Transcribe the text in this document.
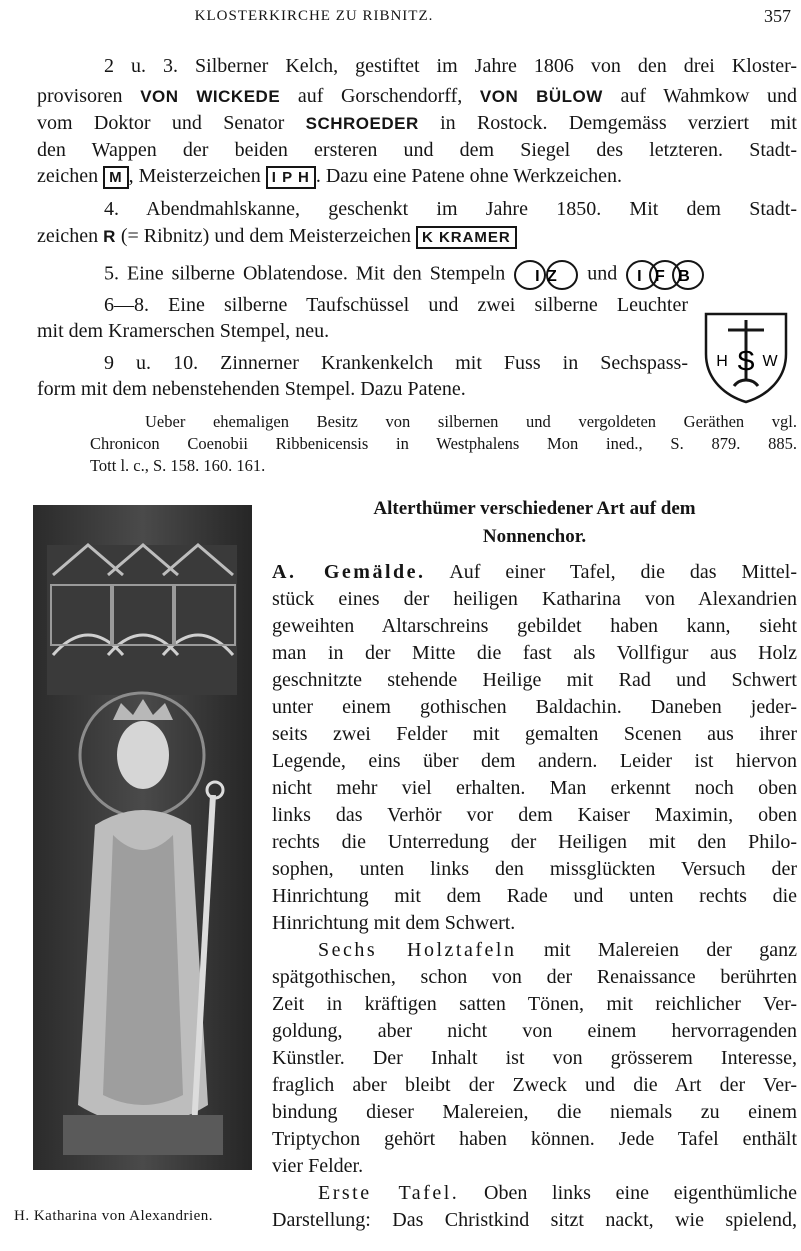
KLOSTERKIRCHE ZU RIBNITZ.	357
2 u. 3. Silberner Kelch, gestiftet im Jahre 1806 von den drei Kloster-
provisoren VON WICKEDE auf Gorschendorff, VON BÜLOW auf Wahmkow und
vom Doktor und Senator SCHROEDER in Rostock. Demgemäss verziert mit
den Wappen der beiden ersteren und dem Siegel des letzteren. Stadt-
zeichen M , Meisterzeichen I P H . Dazu eine Patene ohne Werkzeichen.
4. Abendmahlskanne, geschenkt im Jahre 1850. Mit dem Stadt-
zeichen R (= Ribnitz) und dem Meisterzeichen K KRAMER
5. Eine silberne Oblatendose. Mit den Stempeln I Z und I F B
6—8. Eine silberne Taufschüssel und zwei silberne Leuchter
mit dem Kramerschen Stempel, neu.
9 u. 10. Zinnerner Krankenkelch mit Fuss in Sechspass-
form mit dem nebenstehenden Stempel. Dazu Patene.
S
H W
Ueber ehemaligen Besitz von silbernen und vergoldeten Geräthen vgl.
Chronicon Coenobii Ribbenicensis in Westphalens Mon ined., S. 879. 885.
Tott l. c., S. 158. 160. 161.
Alterthümer verschiedener Art auf dem
Nonnenchor.
H. Katharina von Alexandrien.
A. Gemälde. Auf einer Tafel, die das Mittel-
stück eines der heiligen Katharina von Alexandrien
geweihten Altarschreins gebildet haben kann, sieht
man in der Mitte die fast als Vollfigur aus Holz
geschnitzte stehende Heilige mit Rad und Schwert
unter einem gothischen Baldachin. Daneben jeder-
seits zwei Felder mit gemalten Scenen aus ihrer
Legende, eins über dem andern. Leider ist hiervon
nicht mehr viel erhalten. Man erkennt noch oben
links das Verhör vor dem Kaiser Maximin, oben
rechts die Unterredung der Heiligen mit den Philo-
sophen, unten links den missglückten Versuch der
Hinrichtung mit dem Rade und unten rechts die
Hinrichtung mit dem Schwert.
Sechs Holztafeln mit Malereien der ganz
spätgothischen, schon von der Renaissance berührten
Zeit in kräftigen satten Tönen, mit reichlicher Ver-
goldung, aber nicht von einem hervorragenden
Künstler. Der Inhalt ist von grösserem Interesse,
fraglich aber bleibt der Zweck und die Art der Ver-
bindung dieser Malereien, die niemals zu einem
Triptychon gehört haben können. Jede Tafel enthält
vier Felder.
Erste Tafel. Oben links eine eigenthümliche
Darstellung: Das Christkind sitzt nackt, wie spielend,
